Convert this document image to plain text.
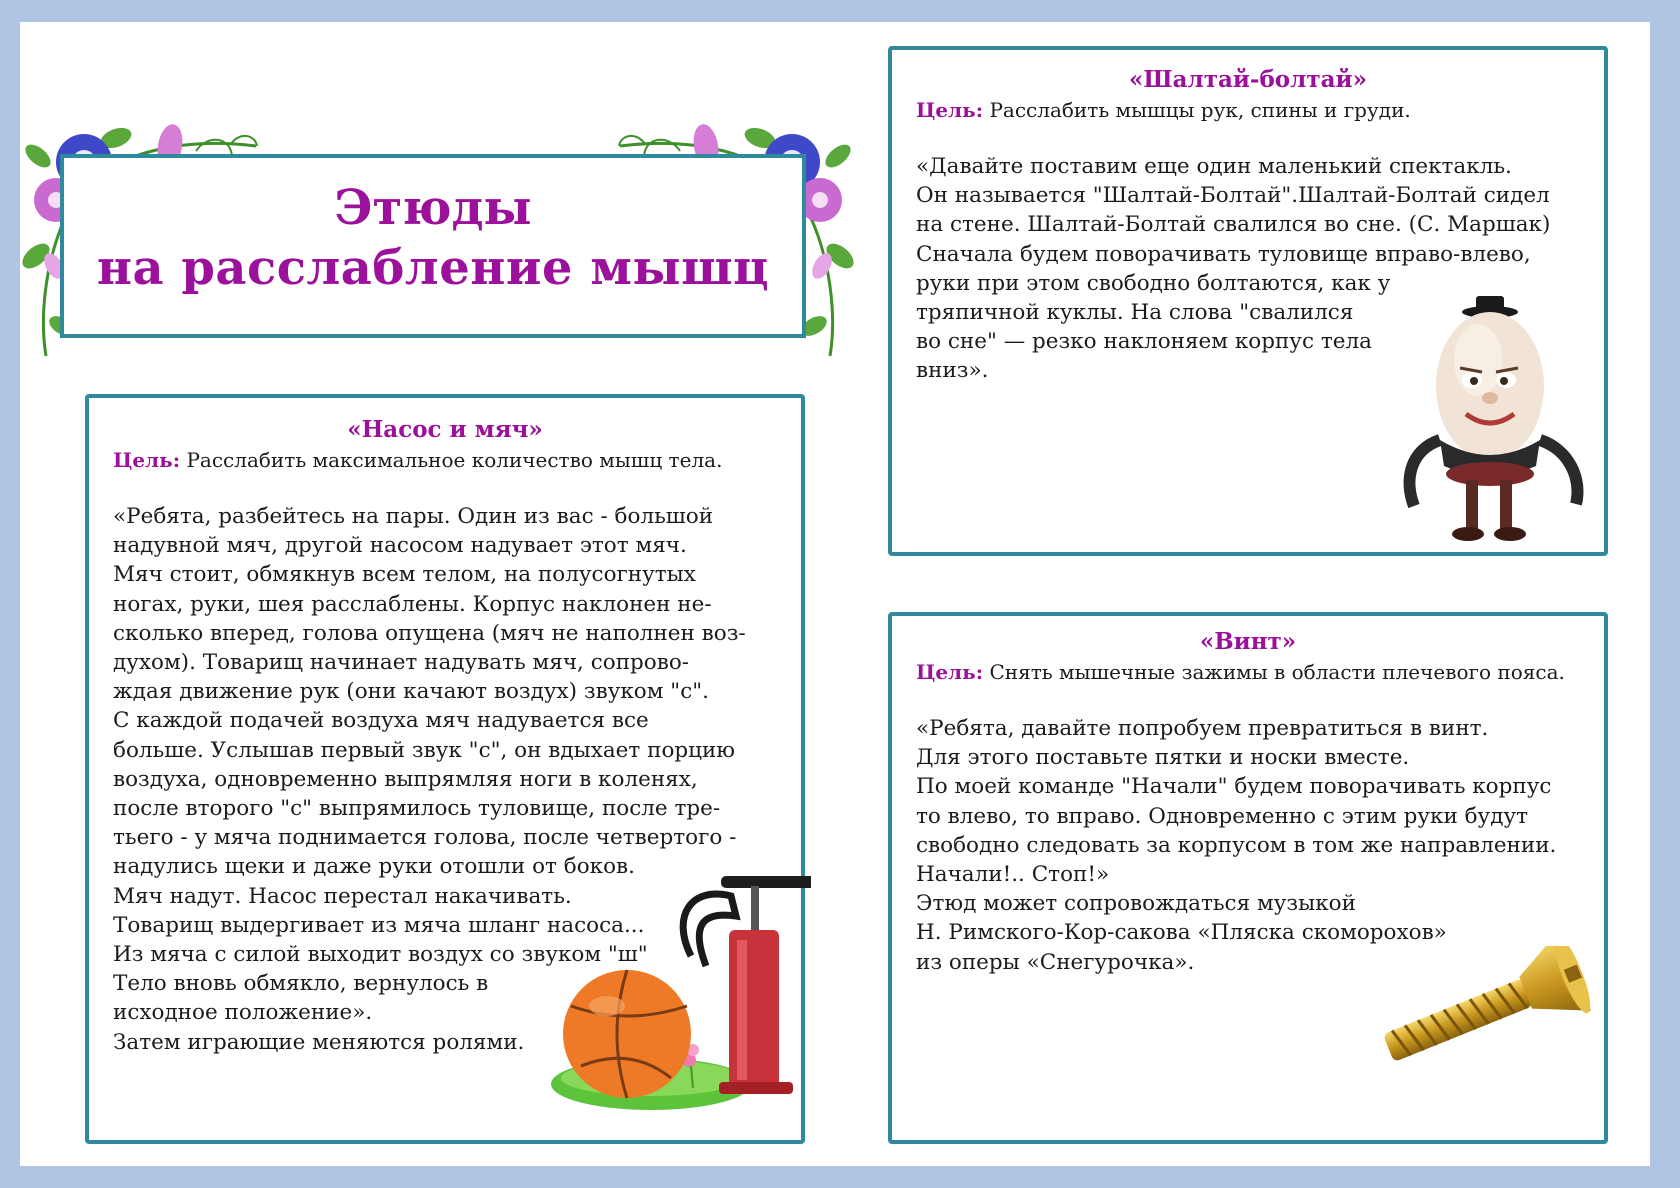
Этюды
на расслабление мышц
«Насос и мяч»
Цель: Расслабить максимальное количество мышц тела.
«Ребята, разбейтесь на пары. Один из вас - большой
надувной мяч, другой насосом надувает этот мяч.
Мяч стоит, обмякнув всем телом, на полусогнутых
ногах, руки, шея расслаблены. Корпус наклонен не-
сколько вперед, голова опущена (мяч не наполнен воз-
духом). Товарищ начинает надувать мяч, сопрово-
ждая движение рук (они качают воздух) звуком "с".
С каждой подачей воздуха мяч надувается все
больше. Услышав первый звук "с", он вдыхает порцию
воздуха, одновременно выпрямляя ноги в коленях,
после второго "с" выпрямилось туловище, после тре-
тьего - у мяча поднимается голова, после четвертого -
надулись щеки и даже руки отошли от боков.
Мяч надут. Насос перестал накачивать.
Товарищ выдергивает из мяча шланг насоса...
Из мяча с силой выходит воздух со звуком "ш"
Тело вновь обмякло, вернулось в
исходное положение».
Затем играющие меняются ролями.
«Шалтай-болтай»
Цель: Расслабить мышцы рук, спины и груди.
«Давайте поставим еще один маленький спектакль.
Он называется "Шалтай-Болтай".Шалтай-Болтай сидел
на стене. Шалтай-Болтай свалился во сне. (С. Маршак)
Сначала будем поворачивать туловище вправо-влево,
руки при этом свободно болтаются, как у
тряпичной куклы. На слова "свалился
во сне" — резко наклоняем корпус тела
вниз».
«Винт»
Цель: Снять мышечные зажимы в области плечевого пояса.
«Ребята, давайте попробуем превратиться в винт.
Для этого поставьте пятки и носки вместе.
По моей команде "Начали" будем поворачивать корпус
то влево, то вправо. Одновременно с этим руки будут
свободно следовать за корпусом в том же направлении.
Начали!.. Стоп!»
Этюд может сопровождаться музыкой
Н. Римского-Кор-сакова «Пляска скоморохов»
из оперы «Снегурочка».
